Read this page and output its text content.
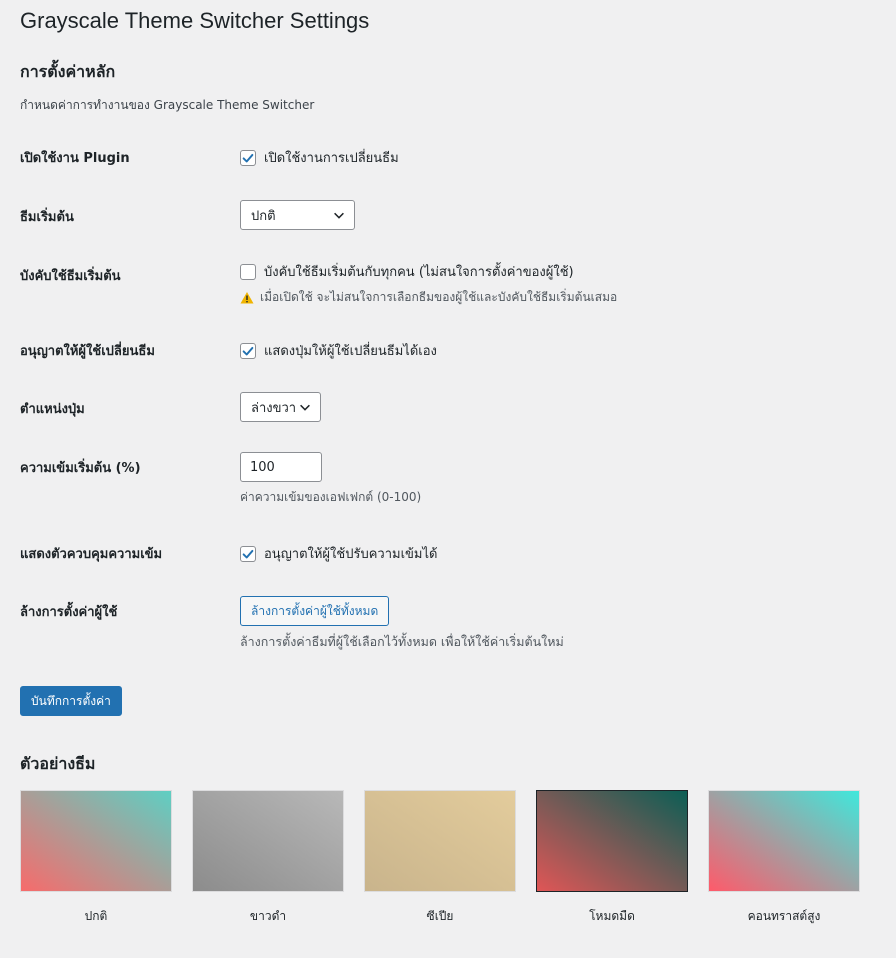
Grayscale Theme Switcher Settings
การตั้งค่าหลัก
กำหนดค่าการทำงานของ Grayscale Theme Switcher
เปิดใช้งาน Plugin	เปิดใช้งานการเปลี่ยนธีม
ธีมเริ่มต้น	ปกติ
บังคับใช้ธีมเริ่มต้น	บังคับใช้ธีมเริ่มต้นกับทุกคน (ไม่สนใจการตั้งค่าของผู้ใช้)
เมื่อเปิดใช้ จะไม่สนใจการเลือกธีมของผู้ใช้และบังคับใช้ธีมเริ่มต้นเสมอ
อนุญาตให้ผู้ใช้เปลี่ยนธีม	แสดงปุ่มให้ผู้ใช้เปลี่ยนธีมได้เอง
ตำแหน่งปุ่ม	ล่างขวา
ความเข้มเริ่มต้น (%)	100
ค่าความเข้มของเอฟเฟกต์ (0-100)
แสดงตัวควบคุมความเข้ม	อนุญาตให้ผู้ใช้ปรับความเข้มได้
ล้างการตั้งค่าผู้ใช้	ล้างการตั้งค่าผู้ใช้ทั้งหมด
ล้างการตั้งค่าธีมที่ผู้ใช้เลือกไว้ทั้งหมด เพื่อให้ใช้ค่าเริ่มต้นใหม่
บันทึกการตั้งค่า
ตัวอย่างธีม
ปกติ	ขาวดำ	ซีเปีย	โหมดมืด	คอนทราสต์สูง
